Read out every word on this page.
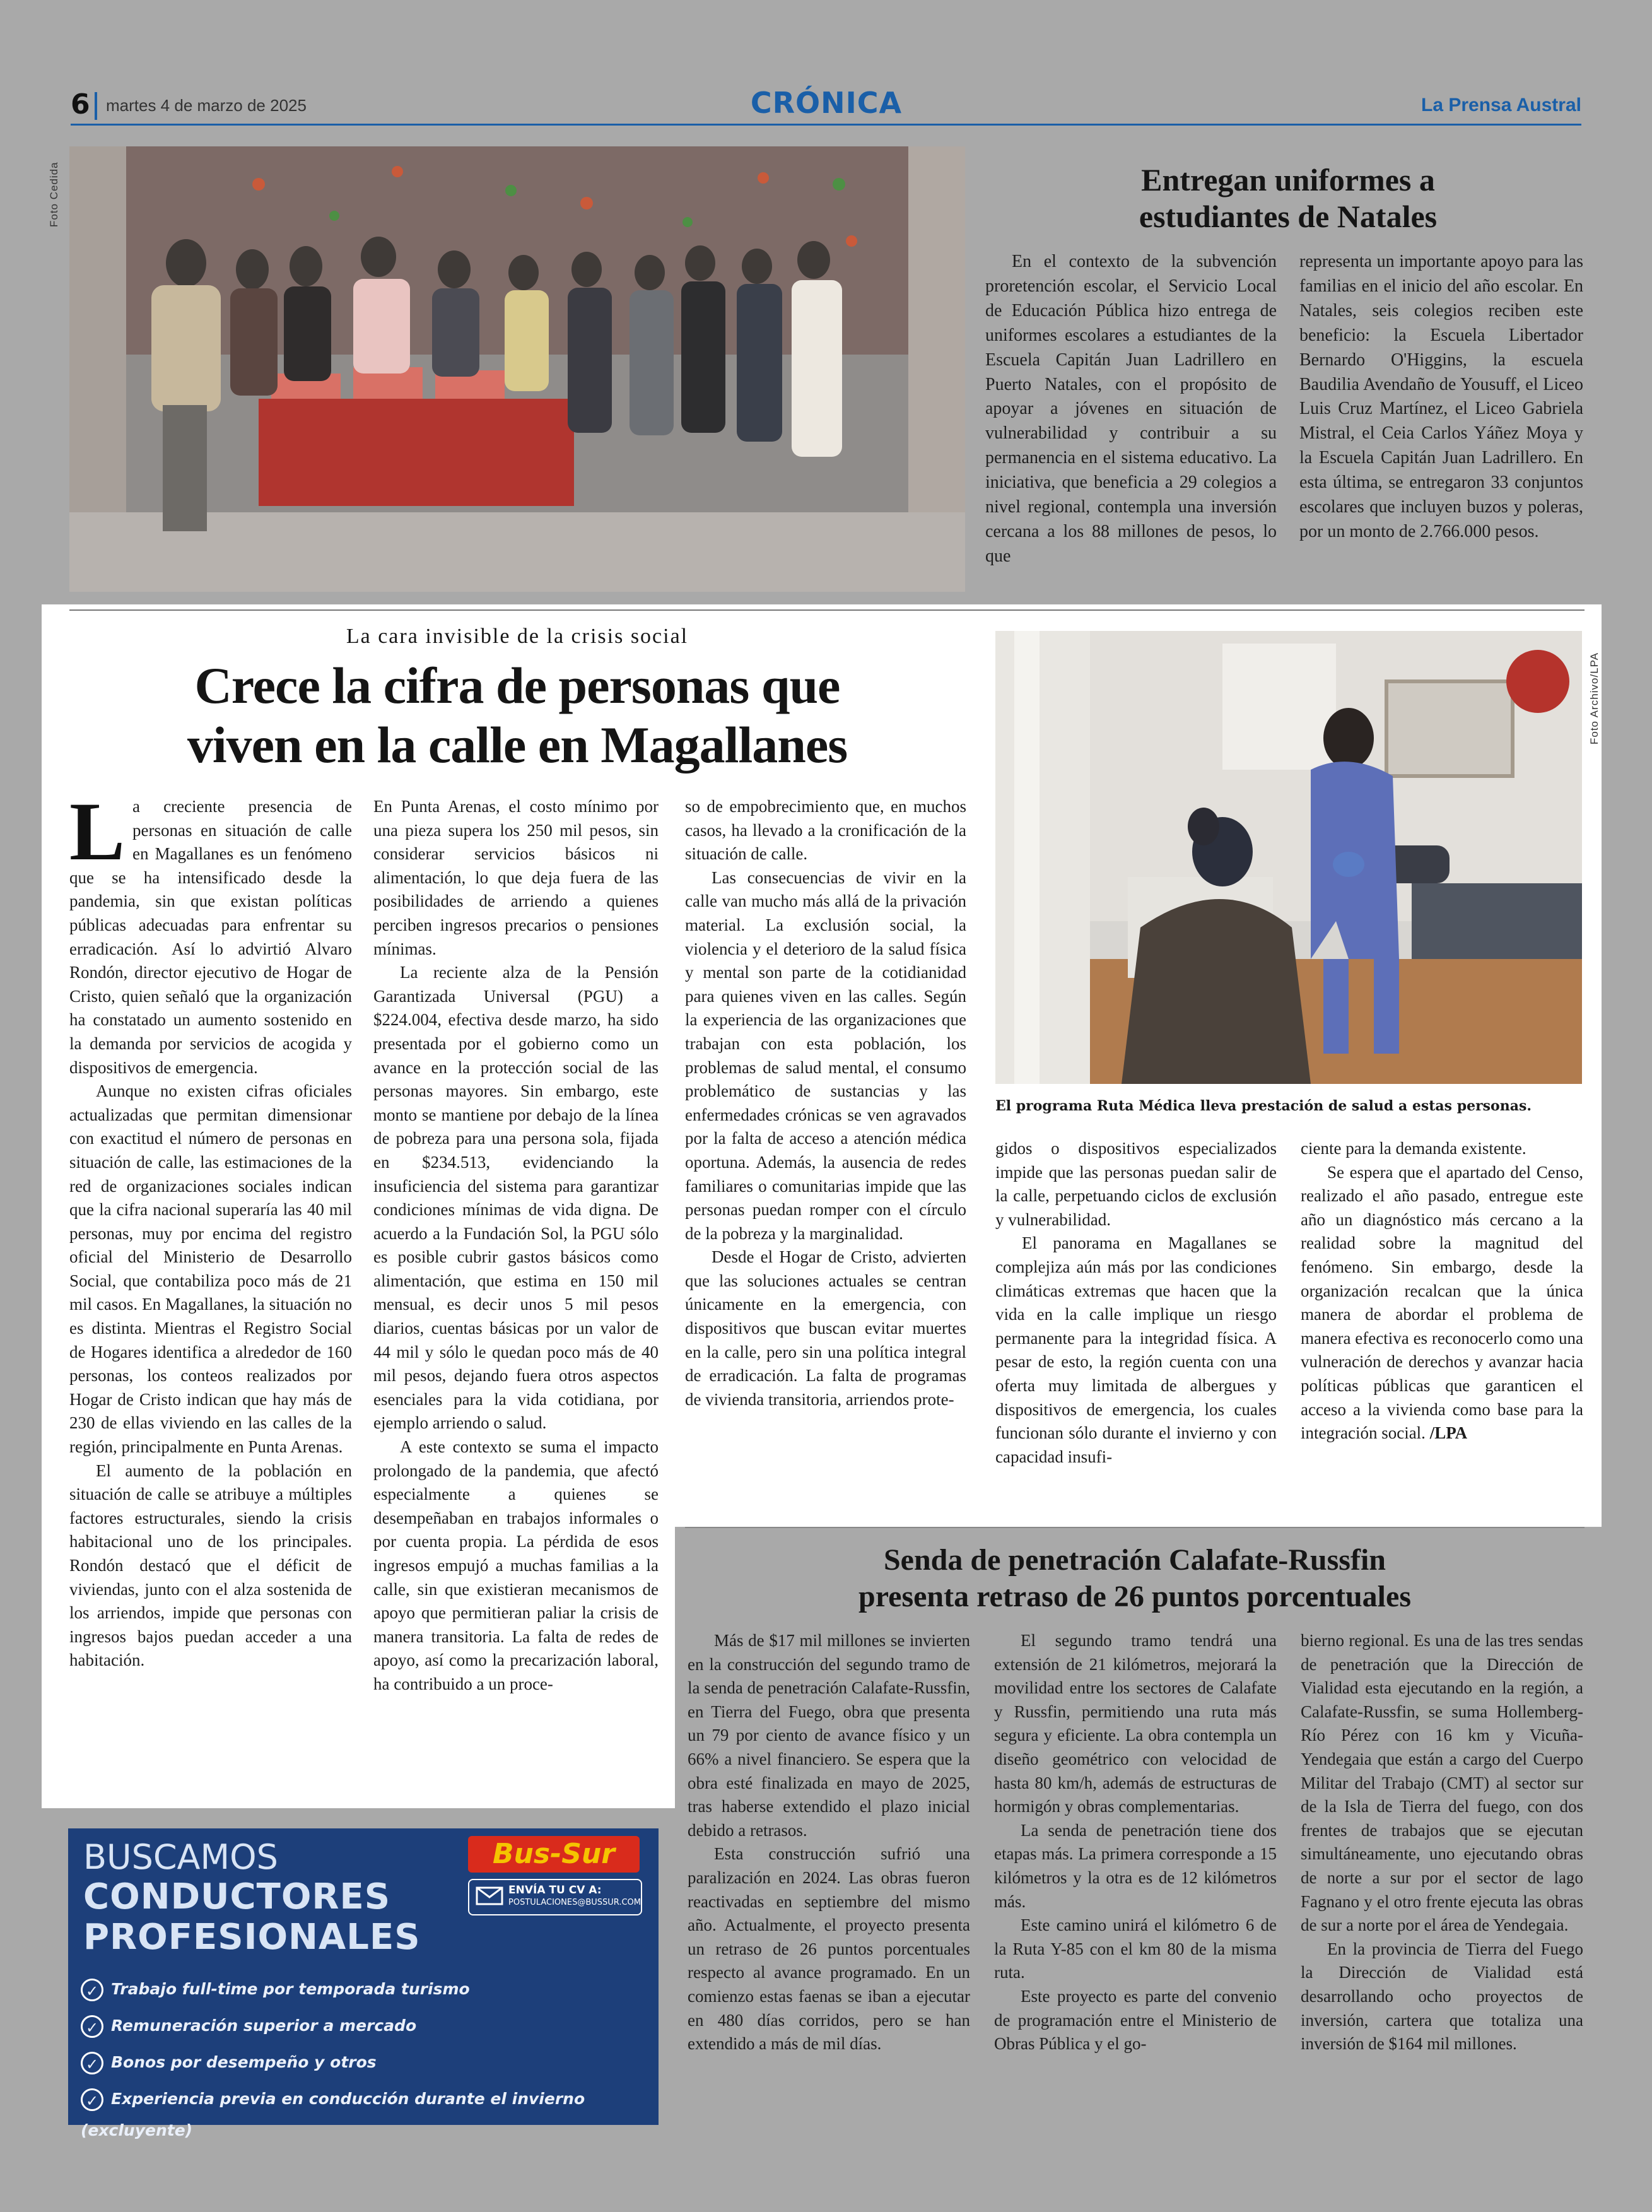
6 martes 4 de marzo de 2025	CRÓNICA	La Prensa Austral
Foto Cedida	Entregan uniformes a
estudiantes de Natales

En el contexto de la subvención proretención escolar, el Servicio Local de Educación Pública hizo entrega de uniformes escolares a estudiantes de la Escuela Capitán Juan Ladrillero en Puerto Natales, con el propósito de apoyar a jóvenes en situación de vulnerabilidad y contribuir a su permanencia en el sistema educativo. La iniciativa, que beneficia a 29 colegios a nivel regional, contempla una inversión cercana a los 88 millones de pesos, lo que

representa un importante apoyo para las familias en el inicio del año escolar. En Natales, seis colegios reciben este beneficio: la Escuela Libertador Bernardo O'Higgins, la escuela Baudilia Avendaño de Yousuff, el Liceo Luis Cruz Martínez, el Liceo Gabriela Mistral, el Ceia Carlos Yáñez Moya y la Escuela Capitán Juan Ladrillero. En esta última, se entregaron 33 conjuntos escolares que incluyen buzos y poleras, por un monto de 2.766.000 pesos.

La cara invisible de la crisis social
Crece la cifra de personas que
viven en la calle en Magallanes
Foto Archivo/LPA
El programa Ruta Médica lleva prestación de salud a estas personas.

La creciente presencia de personas en situación de calle en Magallanes es un fenómeno que se ha intensificado desde la pandemia, sin que existan políticas públicas adecuadas para enfrentar su erradicación. Así lo advirtió Alvaro Rondón, director ejecutivo de Hogar de Cristo, quien señaló que la organización ha constatado un aumento sostenido en la demanda por servicios de acogida y dispositivos de emergencia.

Aunque no existen cifras oficiales actualizadas que permitan dimensionar con exactitud el número de personas en situación de calle, las estimaciones de la red de organizaciones sociales indican que la cifra nacional superaría las 40 mil personas, muy por encima del registro oficial del Ministerio de Desarrollo Social, que contabiliza poco más de 21 mil casos. En Magallanes, la situación no es distinta. Mientras el Registro Social de Hogares identifica a alrededor de 160 personas, los conteos realizados por Hogar de Cristo indican que hay más de 230 de ellas viviendo en las calles de la región, principalmente en Punta Arenas.

El aumento de la población en situación de calle se atribuye a múltiples factores estructurales, siendo la crisis habitacional uno de los principales. Rondón destacó que el déficit de viviendas, junto con el alza sostenida de los arriendos, impide que personas con ingresos bajos puedan acceder a una habitación.

En Punta Arenas, el costo mínimo por una pieza supera los 250 mil pesos, sin considerar servicios básicos ni alimentación, lo que deja fuera de las posibilidades de arriendo a quienes perciben ingresos precarios o pensiones mínimas.

La reciente alza de la Pensión Garantizada Universal (PGU) a $224.004, efectiva desde marzo, ha sido presentada por el gobierno como un avance en la protección social de las personas mayores. Sin embargo, este monto se mantiene por debajo de la línea de pobreza para una persona sola, fijada en $234.513, evidenciando la insuficiencia del sistema para garantizar condiciones mínimas de vida digna. De acuerdo a la Fundación Sol, la PGU sólo es posible cubrir gastos básicos como alimentación, que estima en 150 mil mensual, es decir unos 5 mil pesos diarios, cuentas básicas por un valor de 44 mil y sólo le quedan poco más de 40 mil pesos, dejando fuera otros aspectos esenciales para la vida cotidiana, por ejemplo arriendo o salud.

A este contexto se suma el impacto prolongado de la pandemia, que afectó especialmente a quienes se desempeñaban en trabajos informales o por cuenta propia. La pérdida de esos ingresos empujó a muchas familias a la calle, sin que existieran mecanismos de apoyo que permitieran paliar la crisis de manera transitoria. La falta de redes de apoyo, así como la precarización laboral, ha contribuido a un proce-

so de empobrecimiento que, en muchos casos, ha llevado a la cronificación de la situación de calle.

Las consecuencias de vivir en la calle van mucho más allá de la privación material. La exclusión social, la violencia y el deterioro de la salud física y mental son parte de la cotidianidad para quienes viven en las calles. Según la experiencia de las organizaciones que trabajan con esta población, los problemas de salud mental, el consumo problemático de sustancias y las enfermedades crónicas se ven agravados por la falta de acceso a atención médica oportuna. Además, la ausencia de redes familiares o comunitarias impide que las personas puedan romper con el círculo de la pobreza y la marginalidad.

Desde el Hogar de Cristo, advierten que las soluciones actuales se centran únicamente en la emergencia, con dispositivos que buscan evitar muertes en la calle, pero sin una política integral de erradicación. La falta de programas de vivienda transitoria, arriendos prote-

gidos o dispositivos especializados impide que las personas puedan salir de la calle, perpetuando ciclos de exclusión y vulnerabilidad.

El panorama en Magallanes se complejiza aún más por las condiciones climáticas extremas que hacen que la vida en la calle implique un riesgo permanente para la integridad física. A pesar de esto, la región cuenta con una oferta muy limitada de albergues y dispositivos de emergencia, los cuales funcionan sólo durante el invierno y con capacidad insufi-

ciente para la demanda existente.

Se espera que el apartado del Censo, realizado el año pasado, entregue este año un diagnóstico más cercano a la realidad sobre la magnitud del fenómeno. Sin embargo, desde la organización recalcan que la única manera de abordar el problema de manera efectiva es reconocerlo como una vulneración de derechos y avanzar hacia políticas públicas que garanticen el acceso a la vivienda como base para la integración social. /LPA

Senda de penetración Calafate-Russfin
presenta retraso de 26 puntos porcentuales

Más de $17 mil millones se invierten en la construcción del segundo tramo de la senda de penetración Calafate-Russfin, en Tierra del Fuego, obra que presenta un 79 por ciento de avance físico y un 66% a nivel financiero. Se espera que la obra esté finalizada en mayo de 2025, tras haberse extendido el plazo inicial debido a retrasos.

Esta construcción sufrió una paralización en 2024. Las obras fueron reactivadas en septiembre del mismo año. Actualmente, el proyecto presenta un retraso de 26 puntos porcentuales respecto al avance programado. En un comienzo estas faenas se iban a ejecutar en 480 días corridos, pero se han extendido a más de mil días.

El segundo tramo tendrá una extensión de 21 kilómetros, mejorará la movilidad entre los sectores de Calafate y Russfin, permitiendo una ruta más segura y eficiente. La obra contempla un diseño geométrico con velocidad de hasta 80 km/h, además de estructuras de hormigón y obras complementarias.

La senda de penetración tiene dos etapas más. La primera corresponde a 15 kilómetros y la otra es de 12 kilómetros más.

Este camino unirá el kilómetro 6 de la Ruta Y-85 con el km 80 de la misma ruta.

Este proyecto es parte del convenio de programación entre el Ministerio de Obras Pública y el go-

bierno regional. Es una de las tres sendas de penetración que la Dirección de Vialidad esta ejecutando en la región, a Calafate-Russfin, se suma Hollemberg-Río Pérez con 16 km y Vicuña-Yendegaia que están a cargo del Cuerpo Militar del Trabajo (CMT) al sector sur de la Isla de Tierra del fuego, con dos frentes de trabajos que se ejecutan simultáneamente, uno ejecutando obras de norte a sur por el sector de lago Fagnano y el otro frente ejecuta las obras de sur a norte por el área de Yendegaia.

En la provincia de Tierra del Fuego la Dirección de Vialidad está desarrollando ocho proyectos de inversión, cartera que totaliza una inversión de $164 mil millones.

BUSCAMOS
CONDUCTORES
PROFESIONALES
Bus-Sur
ENVÍA TU CV A:
POSTULACIONES@BUSSUR.COM
✓ Trabajo full-time por temporada turismo
✓ Remuneración superior a mercado
✓ Bonos por desempeño y otros
✓ Experiencia previa en conducción durante el invierno (excluyente)
